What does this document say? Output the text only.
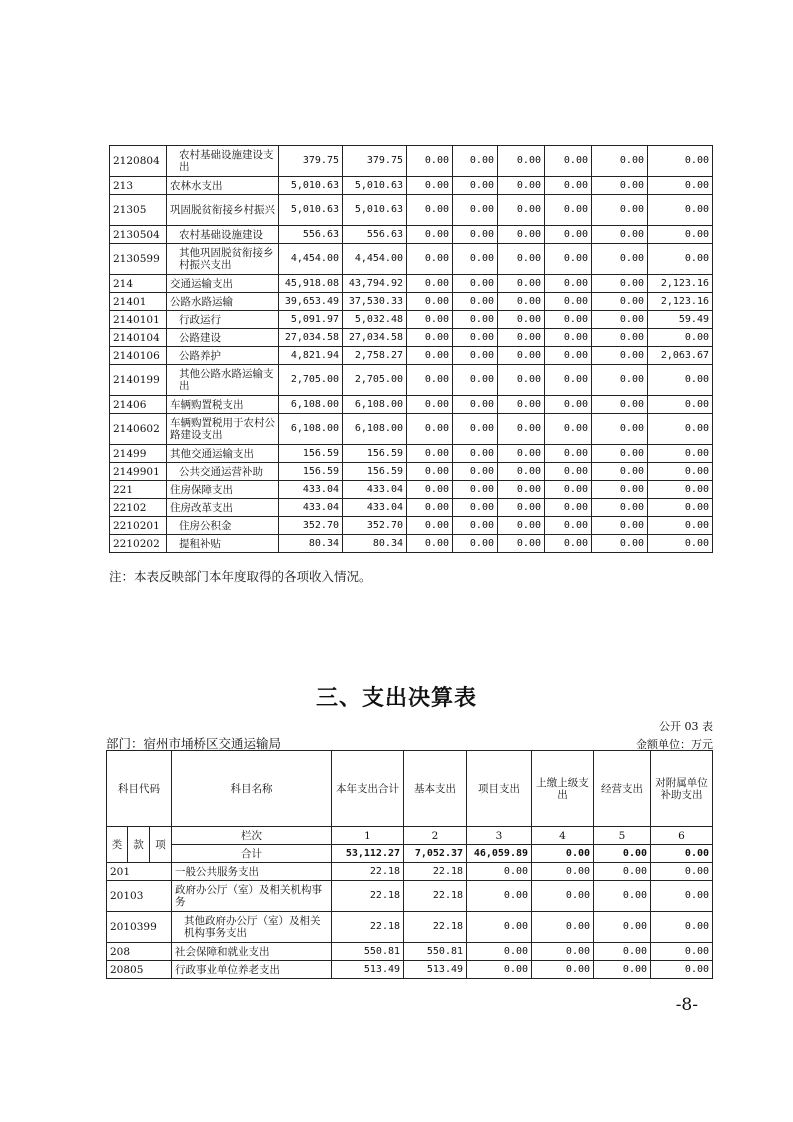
2120804	农村基础设施建设支出	379.75	379.75	0.00	0.00	0.00	0.00	0.00	0.00
213	农林水支出	5,010.63	5,010.63	0.00	0.00	0.00	0.00	0.00	0.00
21305	巩固脱贫衔接乡村振兴	5,010.63	5,010.63	0.00	0.00	0.00	0.00	0.00	0.00
2130504	农村基础设施建设	556.63	556.63	0.00	0.00	0.00	0.00	0.00	0.00
2130599	其他巩固脱贫衔接乡村振兴支出	4,454.00	4,454.00	0.00	0.00	0.00	0.00	0.00	0.00
214	交通运输支出	45,918.08	43,794.92	0.00	0.00	0.00	0.00	0.00	2,123.16
21401	公路水路运输	39,653.49	37,530.33	0.00	0.00	0.00	0.00	0.00	2,123.16
2140101	行政运行	5,091.97	5,032.48	0.00	0.00	0.00	0.00	0.00	59.49
2140104	公路建设	27,034.58	27,034.58	0.00	0.00	0.00	0.00	0.00	0.00
2140106	公路养护	4,821.94	2,758.27	0.00	0.00	0.00	0.00	0.00	2,063.67
2140199	其他公路水路运输支出	2,705.00	2,705.00	0.00	0.00	0.00	0.00	0.00	0.00
21406	车辆购置税支出	6,108.00	6,108.00	0.00	0.00	0.00	0.00	0.00	0.00
2140602	车辆购置税用于农村公路建设支出	6,108.00	6,108.00	0.00	0.00	0.00	0.00	0.00	0.00
21499	其他交通运输支出	156.59	156.59	0.00	0.00	0.00	0.00	0.00	0.00
2149901	公共交通运营补助	156.59	156.59	0.00	0.00	0.00	0.00	0.00	0.00
221	住房保障支出	433.04	433.04	0.00	0.00	0.00	0.00	0.00	0.00
22102	住房改革支出	433.04	433.04	0.00	0.00	0.00	0.00	0.00	0.00
2210201	住房公积金	352.70	352.70	0.00	0.00	0.00	0.00	0.00	0.00
2210202	提租补贴	80.34	80.34	0.00	0.00	0.00	0.00	0.00	0.00
注：本表反映部门本年度取得的各项收入情况。
三、支出决算表
公开 03 表
部门：宿州市埇桥区交通运输局	金额单位：万元
科目代码			科目名称	本年支出合计	基本支出	项目支出	上缴上级支出	经营支出	对附属单位补助支出
类	款	项	栏次	1	2	3	4	5	6
			合计	53,112.27	7,052.37	46,059.89	0.00	0.00	0.00
201			一般公共服务支出	22.18	22.18	0.00	0.00	0.00	0.00
20103			政府办公厅（室）及相关机构事务	22.18	22.18	0.00	0.00	0.00	0.00
2010399			其他政府办公厅（室）及相关机构事务支出	22.18	22.18	0.00	0.00	0.00	0.00
208			社会保障和就业支出	550.81	550.81	0.00	0.00	0.00	0.00
20805			行政事业单位养老支出	513.49	513.49	0.00	0.00	0.00	0.00
-8-
